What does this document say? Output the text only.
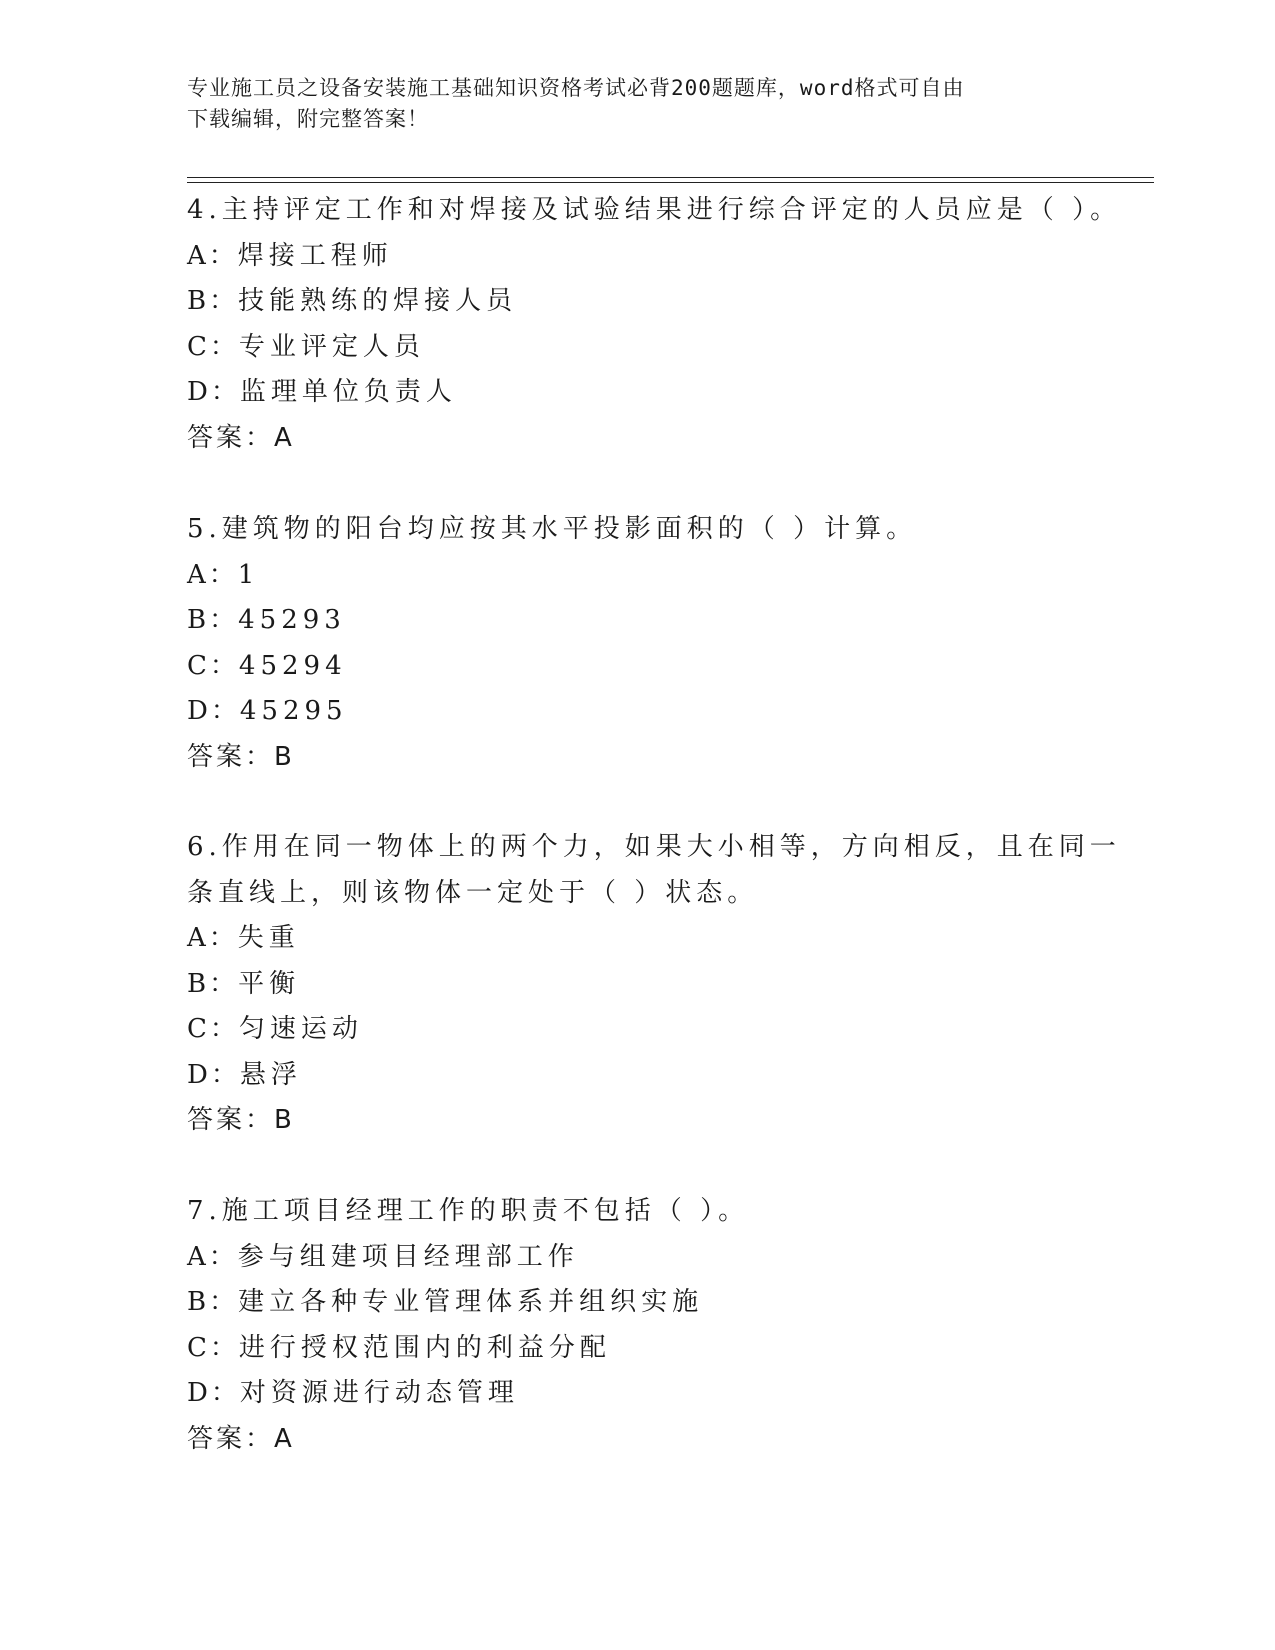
专业施工员之设备安装施工基础知识资格考试必背200题题库，word格式可自由
下载编辑，附完整答案！
4.主持评定工作和对焊接及试验结果进行综合评定的人员应是（ ）。
A：焊接工程师
B：技能熟练的焊接人员
C：专业评定人员
D：监理单位负责人
答案：A
5.建筑物的阳台均应按其水平投影面积的（ ）计算。
A：1
B：45293
C：45294
D：45295
答案：B
6.作用在同一物体上的两个力，如果大小相等，方向相反，且在同一
条直线上，则该物体一定处于（ ）状态。
A：失重
B：平衡
C：匀速运动
D：悬浮
答案：B
7.施工项目经理工作的职责不包括（ ）。
A：参与组建项目经理部工作
B：建立各种专业管理体系并组织实施
C：进行授权范围内的利益分配
D：对资源进行动态管理
答案：A
